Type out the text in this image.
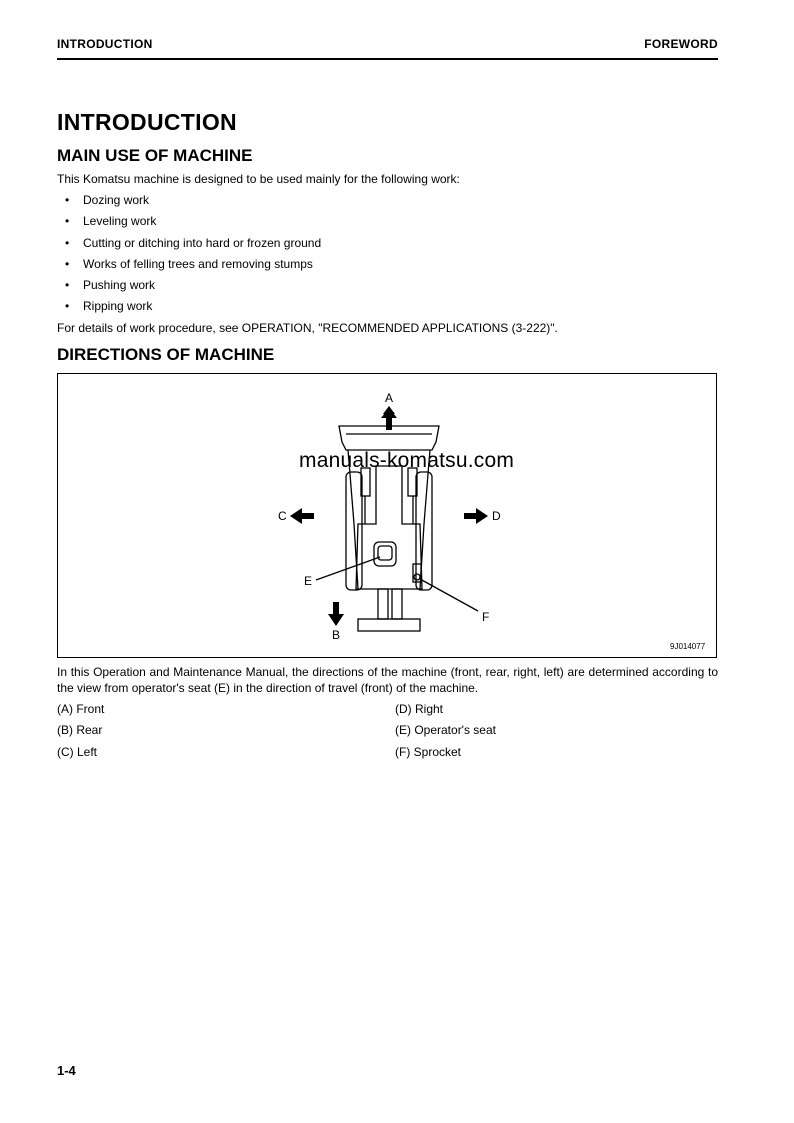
INTRODUCTION	FOREWORD
INTRODUCTION
MAIN USE OF MACHINE
This Komatsu machine is designed to be used mainly for the following work:
• Dozing work
• Leveling work
• Cutting or ditching into hard or frozen ground
• Works of felling trees and removing stumps
• Pushing work
• Ripping work
For details of work procedure, see OPERATION, "RECOMMENDED APPLICATIONS (3-222)".
DIRECTIONS OF MACHINE
A
B
C	D
E
F
manuals-komatsu.com
9J014077
In this Operation and Maintenance Manual, the directions of the machine (front, rear, right, left) are determined according to the view from operator's seat (E) in the direction of travel (front) of the machine.
(A) Front
(B) Rear
(C) Left
(D) Right
(E) Operator's seat
(F) Sprocket
1-4
